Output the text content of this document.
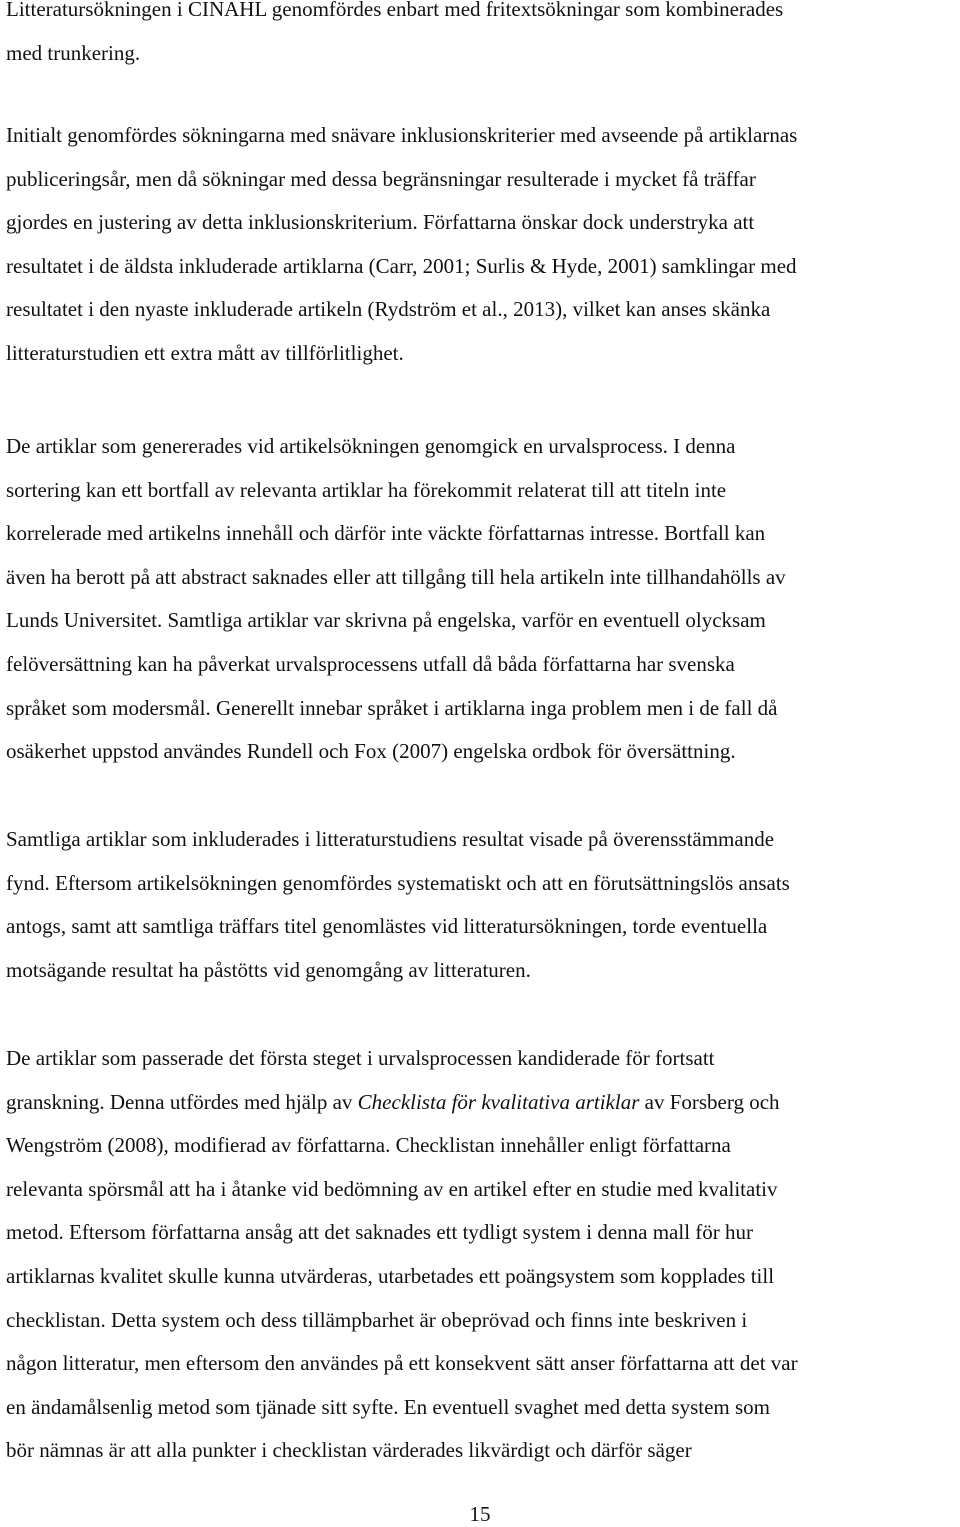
Litteratursökningen i CINAHL genomfördes enbart med fritextsökningar som kombinerades
med trunkering.
Initialt genomfördes sökningarna med snävare inklusionskriterier med avseende på artiklarnas
publiceringsår, men då sökningar med dessa begränsningar resulterade i mycket få träffar
gjordes en justering av detta inklusionskriterium. Författarna önskar dock understryka att
resultatet i de äldsta inkluderade artiklarna (Carr, 2001; Surlis & Hyde, 2001) samklingar med
resultatet i den nyaste inkluderade artikeln (Rydström et al., 2013), vilket kan anses skänka
litteraturstudien ett extra mått av tillförlitlighet.
De artiklar som genererades vid artikelsökningen genomgick en urvalsprocess. I denna
sortering kan ett bortfall av relevanta artiklar ha förekommit relaterat till att titeln inte
korrelerade med artikelns innehåll och därför inte väckte författarnas intresse. Bortfall kan
även ha berott på att abstract saknades eller att tillgång till hela artikeln inte tillhandahölls av
Lunds Universitet. Samtliga artiklar var skrivna på engelska, varför en eventuell olycksam
felöversättning kan ha påverkat urvalsprocessens utfall då båda författarna har svenska
språket som modersmål. Generellt innebar språket i artiklarna inga problem men i de fall då
osäkerhet uppstod användes Rundell och Fox (2007) engelska ordbok för översättning.
Samtliga artiklar som inkluderades i litteraturstudiens resultat visade på överensstämmande
fynd. Eftersom artikelsökningen genomfördes systematiskt och att en förutsättningslös ansats
antogs, samt att samtliga träffars titel genomlästes vid litteratursökningen, torde eventuella
motsägande resultat ha påstötts vid genomgång av litteraturen.
De artiklar som passerade det första steget i urvalsprocessen kandiderade för fortsatt
granskning. Denna utfördes med hjälp av Checklista för kvalitativa artiklar av Forsberg och
Wengström (2008), modifierad av författarna. Checklistan innehåller enligt författarna
relevanta spörsmål att ha i åtanke vid bedömning av en artikel efter en studie med kvalitativ
metod. Eftersom författarna ansåg att det saknades ett tydligt system i denna mall för hur
artiklarnas kvalitet skulle kunna utvärderas, utarbetades ett poängsystem som kopplades till
checklistan. Detta system och dess tillämpbarhet är obeprövad och finns inte beskriven i
någon litteratur, men eftersom den användes på ett konsekvent sätt anser författarna att det var
en ändamålsenlig metod som tjänade sitt syfte. En eventuell svaghet med detta system som
bör nämnas är att alla punkter i checklistan värderades likvärdigt och därför säger
15
